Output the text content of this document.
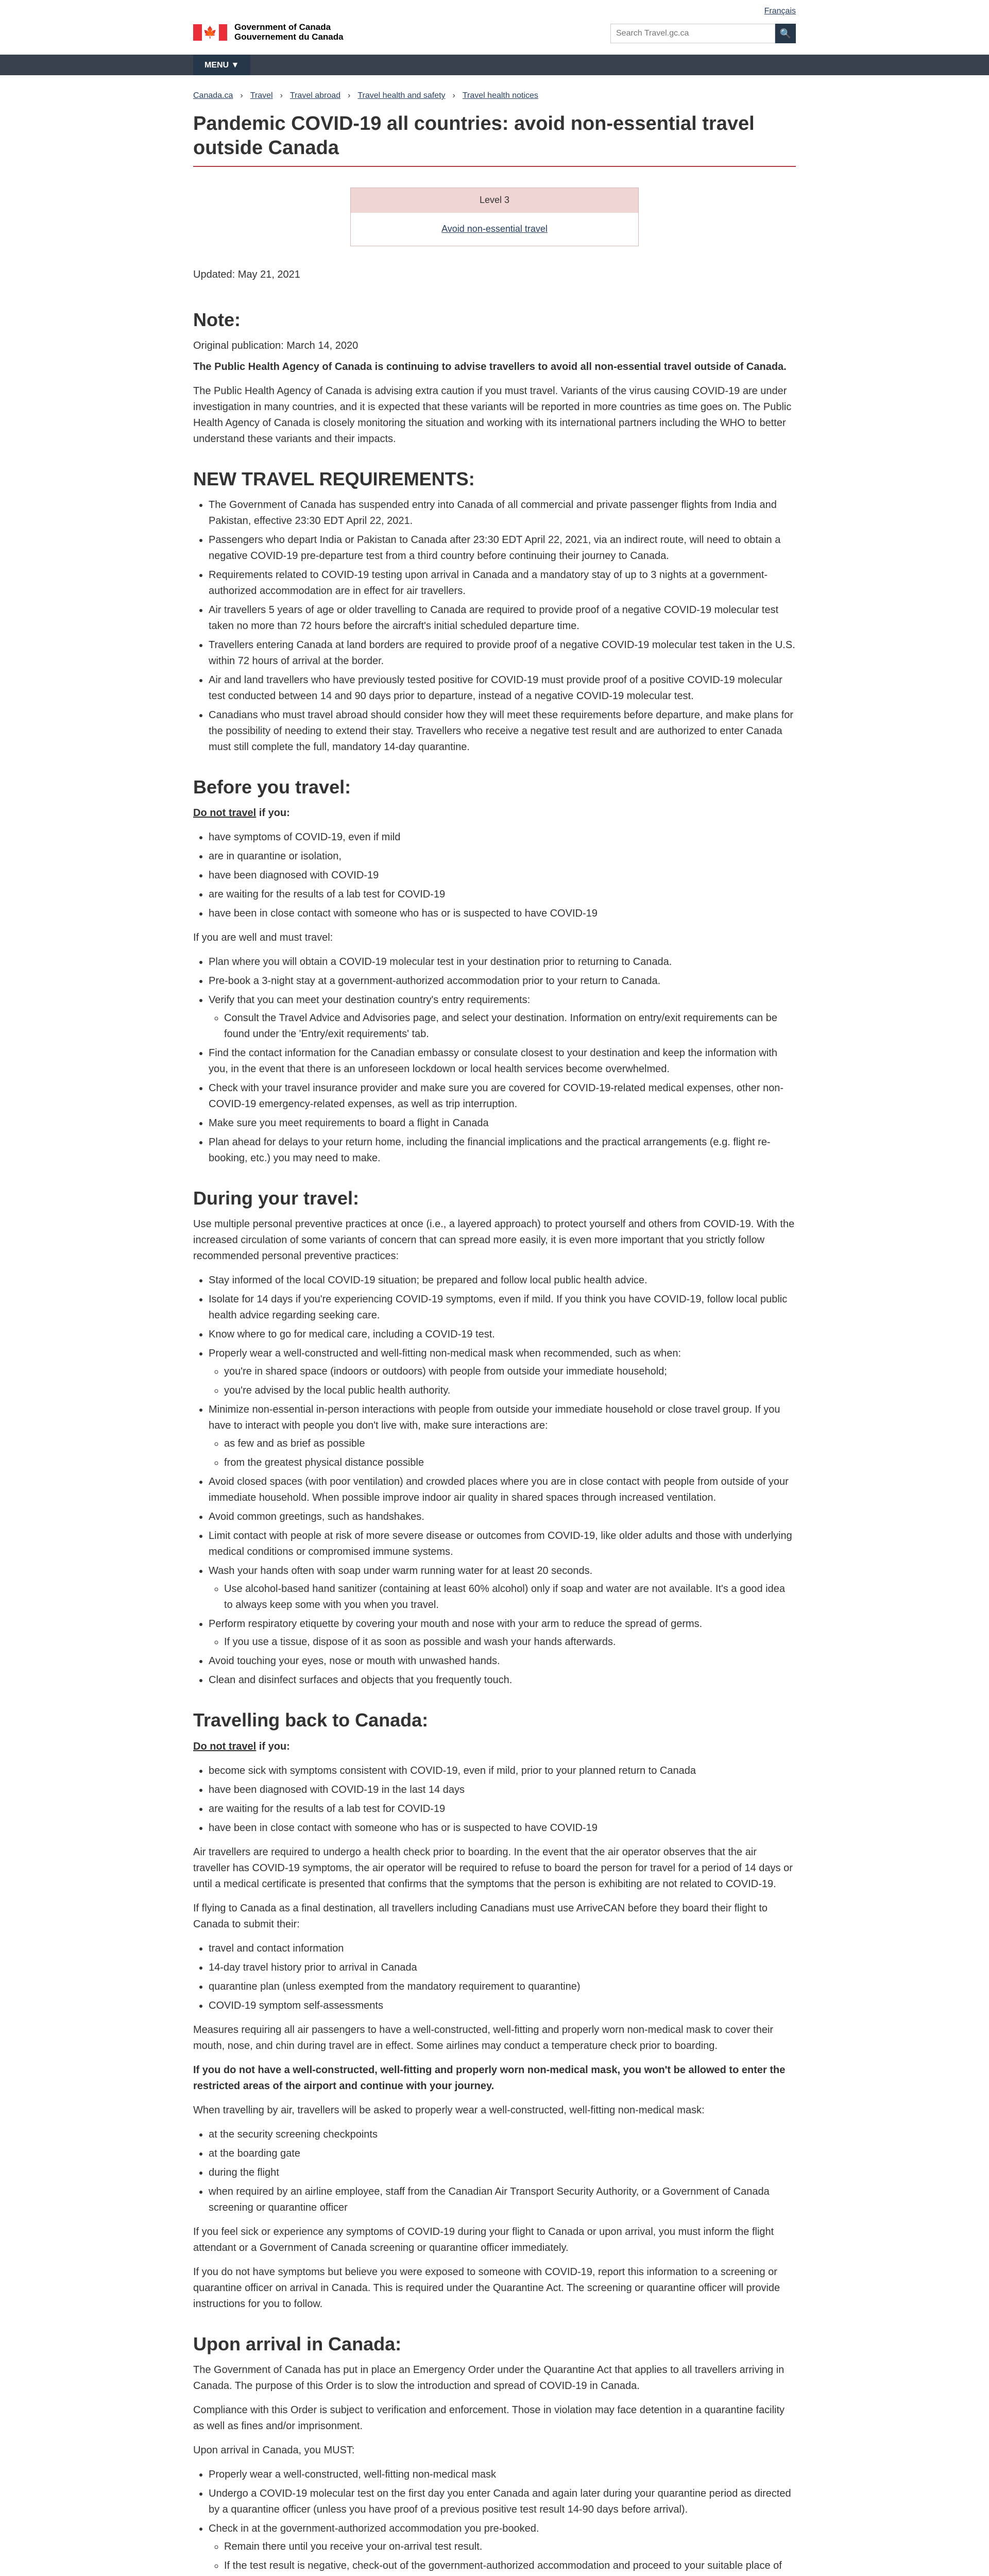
Français
🍁 Government of Canada
Gouvernement du Canada
Search Travel.gc.ca	🔍
MENU ▼
Canada.ca › Travel › Travel abroad › Travel health and safety › Travel health notices
Pandemic COVID-19 all countries: avoid non-essential travel outside Canada
Level 3
Avoid non-essential travel

Updated: May 21, 2021

Note:

Original publication: March 14, 2020

The Public Health Agency of Canada is continuing to advise travellers to avoid all non-essential travel outside of Canada.

The Public Health Agency of Canada is advising extra caution if you must travel. Variants of the virus causing COVID-19 are under investigation in many countries, and it is expected that these variants will be reported in more countries as time goes on. The Public Health Agency of Canada is closely monitoring the situation and working with its international partners including the WHO to better understand these variants and their impacts.

NEW TRAVEL REQUIREMENTS:
• The Government of Canada has suspended entry into Canada of all commercial and private passenger flights from India and Pakistan, effective 23:30 EDT April 22, 2021.
• Passengers who depart India or Pakistan to Canada after 23:30 EDT April 22, 2021, via an indirect route, will need to obtain a negative COVID-19 pre-departure test from a third country before continuing their journey to Canada.
• Requirements related to COVID-19 testing upon arrival in Canada and a mandatory stay of up to 3 nights at a government-authorized accommodation are in effect for air travellers.
• Air travellers 5 years of age or older travelling to Canada are required to provide proof of a negative COVID-19 molecular test taken no more than 72 hours before the aircraft's initial scheduled departure time.
• Travellers entering Canada at land borders are required to provide proof of a negative COVID-19 molecular test taken in the U.S. within 72 hours of arrival at the border.
• Air and land travellers who have previously tested positive for COVID-19 must provide proof of a positive COVID-19 molecular test conducted between 14 and 90 days prior to departure, instead of a negative COVID-19 molecular test.
• Canadians who must travel abroad should consider how they will meet these requirements before departure, and make plans for the possibility of needing to extend their stay. Travellers who receive a negative test result and are authorized to enter Canada must still complete the full, mandatory 14-day quarantine.
Before you travel:

Do not travel if you:

• have symptoms of COVID-19, even if mild
• are in quarantine or isolation,
• have been diagnosed with COVID-19
• are waiting for the results of a lab test for COVID-19
• have been in close contact with someone who has or is suspected to have COVID-19

If you are well and must travel:

• Plan where you will obtain a COVID-19 molecular test in your destination prior to returning to Canada.
• Pre-book a 3-night stay at a government-authorized accommodation prior to your return to Canada.
• Verify that you can meet your destination country's entry requirements:
◦ Consult the Travel Advice and Advisories page, and select your destination. Information on entry/exit requirements can be found under the 'Entry/exit requirements' tab.
• Find the contact information for the Canadian embassy or consulate closest to your destination and keep the information with you, in the event that there is an unforeseen lockdown or local health services become overwhelmed.
• Check with your travel insurance provider and make sure you are covered for COVID-19-related medical expenses, other non-COVID-19 emergency-related expenses, as well as trip interruption.
• Make sure you meet requirements to board a flight in Canada
• Plan ahead for delays to your return home, including the financial implications and the practical arrangements (e.g. flight re-booking, etc.) you may need to make.
During your travel:

Use multiple personal preventive practices at once (i.e., a layered approach) to protect yourself and others from COVID-19. With the increased circulation of some variants of concern that can spread more easily, it is even more important that you strictly follow recommended personal preventive practices:

• Stay informed of the local COVID-19 situation; be prepared and follow local public health advice.
• Isolate for 14 days if you're experiencing COVID-19 symptoms, even if mild. If you think you have COVID-19, follow local public health advice regarding seeking care.
• Know where to go for medical care, including a COVID-19 test.
• Properly wear a well-constructed and well-fitting non-medical mask when recommended, such as when:
◦ you're in shared space (indoors or outdoors) with people from outside your immediate household;
◦ you're advised by the local public health authority.
• Minimize non-essential in-person interactions with people from outside your immediate household or close travel group. If you have to interact with people you don't live with, make sure interactions are:
◦ as few and as brief as possible
◦ from the greatest physical distance possible
• Avoid closed spaces (with poor ventilation) and crowded places where you are in close contact with people from outside of your immediate household. When possible improve indoor air quality in shared spaces through increased ventilation.
• Avoid common greetings, such as handshakes.
• Limit contact with people at risk of more severe disease or outcomes from COVID-19, like older adults and those with underlying medical conditions or compromised immune systems.
• Wash your hands often with soap under warm running water for at least 20 seconds.
◦ Use alcohol-based hand sanitizer (containing at least 60% alcohol) only if soap and water are not available. It's a good idea to always keep some with you when you travel.
• Perform respiratory etiquette by covering your mouth and nose with your arm to reduce the spread of germs.
◦ If you use a tissue, dispose of it as soon as possible and wash your hands afterwards.
• Avoid touching your eyes, nose or mouth with unwashed hands.
• Clean and disinfect surfaces and objects that you frequently touch.
Travelling back to Canada:

Do not travel if you:

• become sick with symptoms consistent with COVID-19, even if mild, prior to your planned return to Canada
• have been diagnosed with COVID-19 in the last 14 days
• are waiting for the results of a lab test for COVID-19
• have been in close contact with someone who has or is suspected to have COVID-19

Air travellers are required to undergo a health check prior to boarding. In the event that the air operator observes that the air traveller has COVID-19 symptoms, the air operator will be required to refuse to board the person for travel for a period of 14 days or until a medical certificate is presented that confirms that the symptoms that the person is exhibiting are not related to COVID-19.

If flying to Canada as a final destination, all travellers including Canadians must use ArriveCAN before they board their flight to Canada to submit their:

• travel and contact information
• 14-day travel history prior to arrival in Canada
• quarantine plan (unless exempted from the mandatory requirement to quarantine)
• COVID-19 symptom self-assessments

Measures requiring all air passengers to have a well-constructed, well-fitting and properly worn non-medical mask to cover their mouth, nose, and chin during travel are in effect. Some airlines may conduct a temperature check prior to boarding.

If you do not have a well-constructed, well-fitting and properly worn non-medical mask, you won't be allowed to enter the restricted areas of the airport and continue with your journey.

When travelling by air, travellers will be asked to properly wear a well-constructed, well-fitting non-medical mask:

• at the security screening checkpoints
• at the boarding gate
• during the flight
• when required by an airline employee, staff from the Canadian Air Transport Security Authority, or a Government of Canada screening or quarantine officer

If you feel sick or experience any symptoms of COVID-19 during your flight to Canada or upon arrival, you must inform the flight attendant or a Government of Canada screening or quarantine officer immediately.

If you do not have symptoms but believe you were exposed to someone with COVID-19, report this information to a screening or quarantine officer on arrival in Canada. This is required under the Quarantine Act. The screening or quarantine officer will provide instructions for you to follow.

Upon arrival in Canada:

The Government of Canada has put in place an Emergency Order under the Quarantine Act that applies to all travellers arriving in Canada. The purpose of this Order is to slow the introduction and spread of COVID-19 in Canada.

Compliance with this Order is subject to verification and enforcement. Those in violation may face detention in a quarantine facility as well as fines and/or imprisonment.

Upon arrival in Canada, you MUST:

• Properly wear a well-constructed, well-fitting non-medical mask
• Undergo a COVID-19 molecular test on the first day you enter Canada and again later during your quarantine period as directed by a quarantine officer (unless you have proof of a previous positive test result 14-90 days before arrival).
• Check in at the government-authorized accommodation you pre-booked.
◦ Remain there until you receive your on-arrival test result.
◦ If the test result is negative, check-out of the government-authorized accommodation and proceed to your suitable place of
